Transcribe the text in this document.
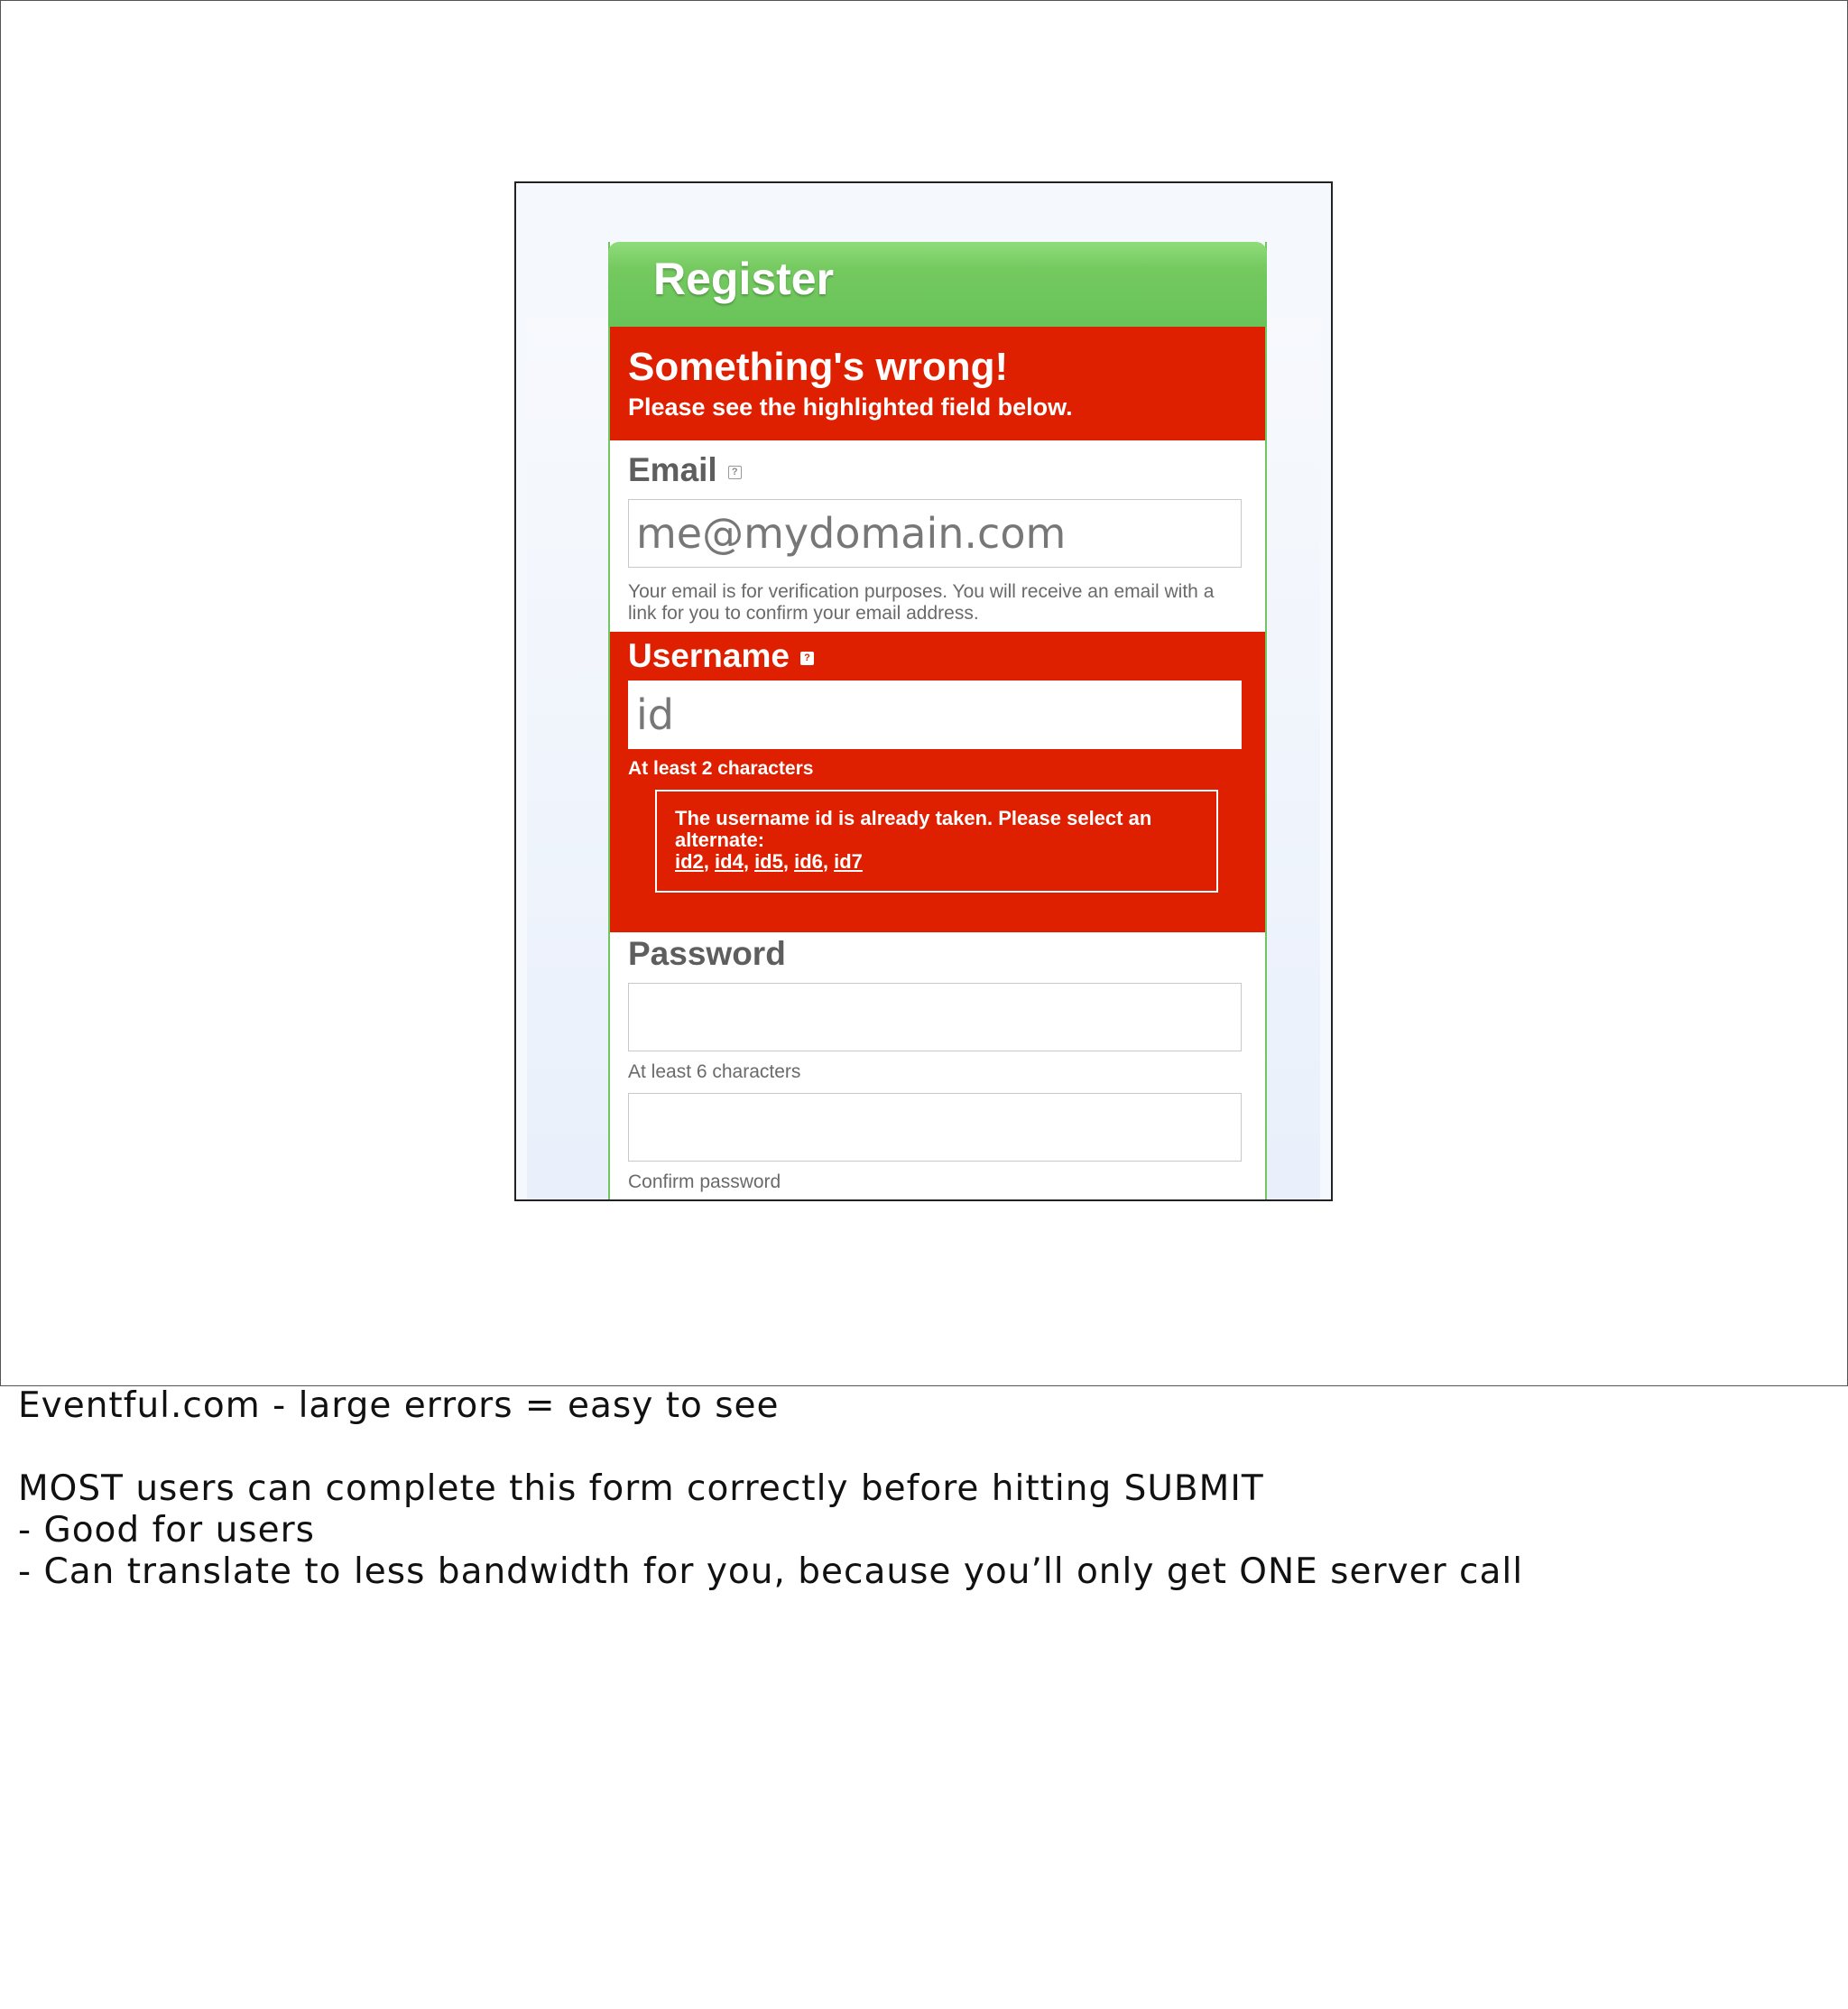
Register
Something's wrong!
Please see the highlighted field below.
Email ?
me@mydomain.com
Your email is for verification purposes. You will receive an email with a
link for you to confirm your email address.
Username ?
id
At least 2 characters
The username id is already taken. Please select an
alternate:
id2, id4, id5, id6, id7
Password
At least 6 characters
Confirm password
Eventful.com - large errors = easy to see
MOST users can complete this form correctly before hitting SUBMIT
- Good for users
- Can translate to less bandwidth for you, because you’ll only get ONE server call
